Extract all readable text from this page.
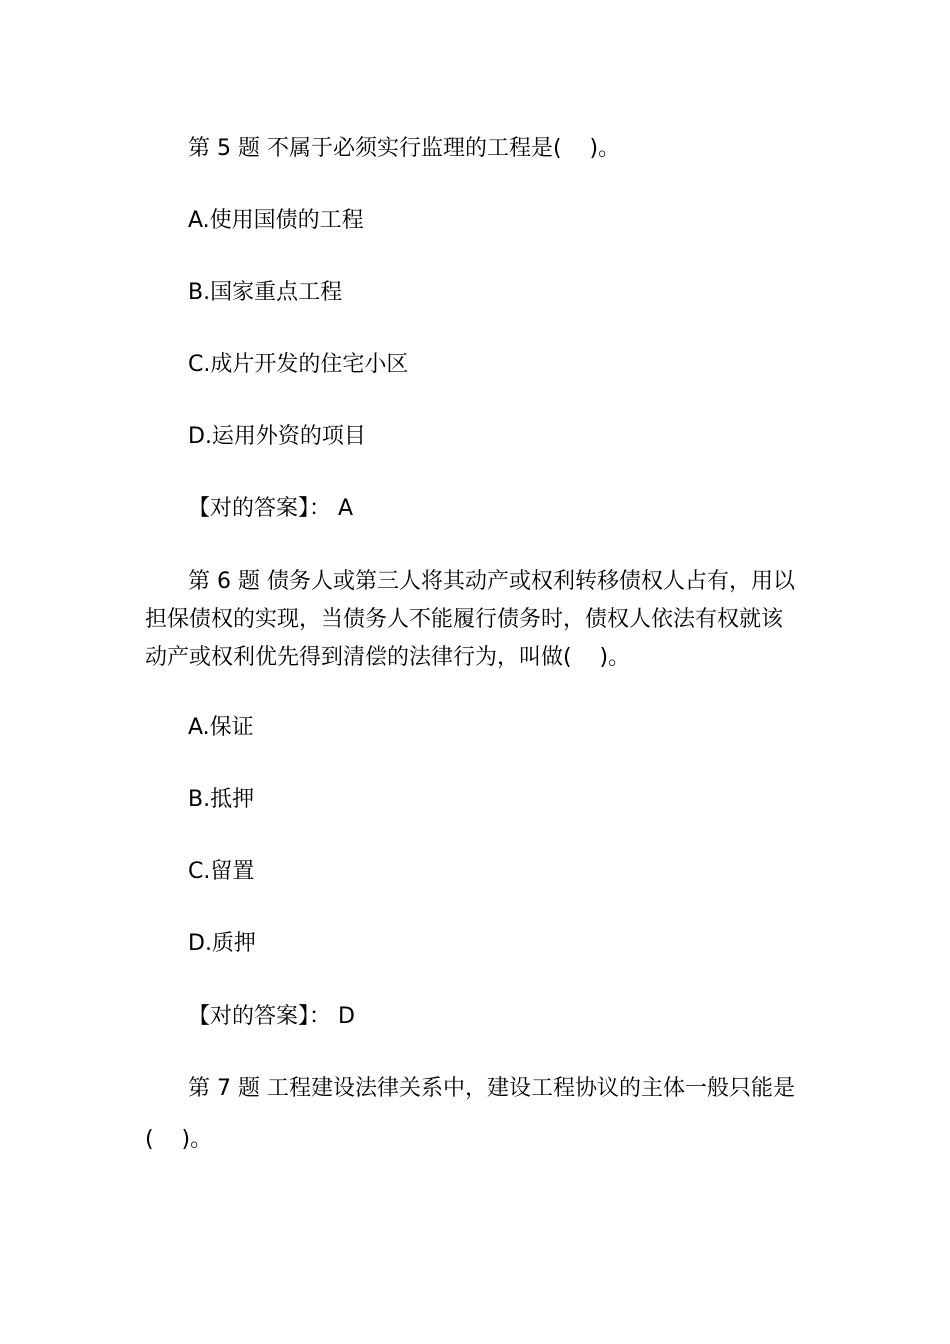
第 5 题 不属于必须实行监理的工程是(    )。
A.使用国债的工程
B.国家重点工程
C.成片开发的住宅小区
D.运用外资的项目
【对的答案】： A
第 6 题 债务人或第三人将其动产或权利转移债权人占有，用以
担保债权的实现，当债务人不能履行债务时，债权人依法有权就该
动产或权利优先得到清偿的法律行为，叫做(    )。
A.保证
B.抵押
C.留置
D.质押
【对的答案】： D
第 7 题 工程建设法律关系中，建设工程协议的主体一般只能是
(    )。
